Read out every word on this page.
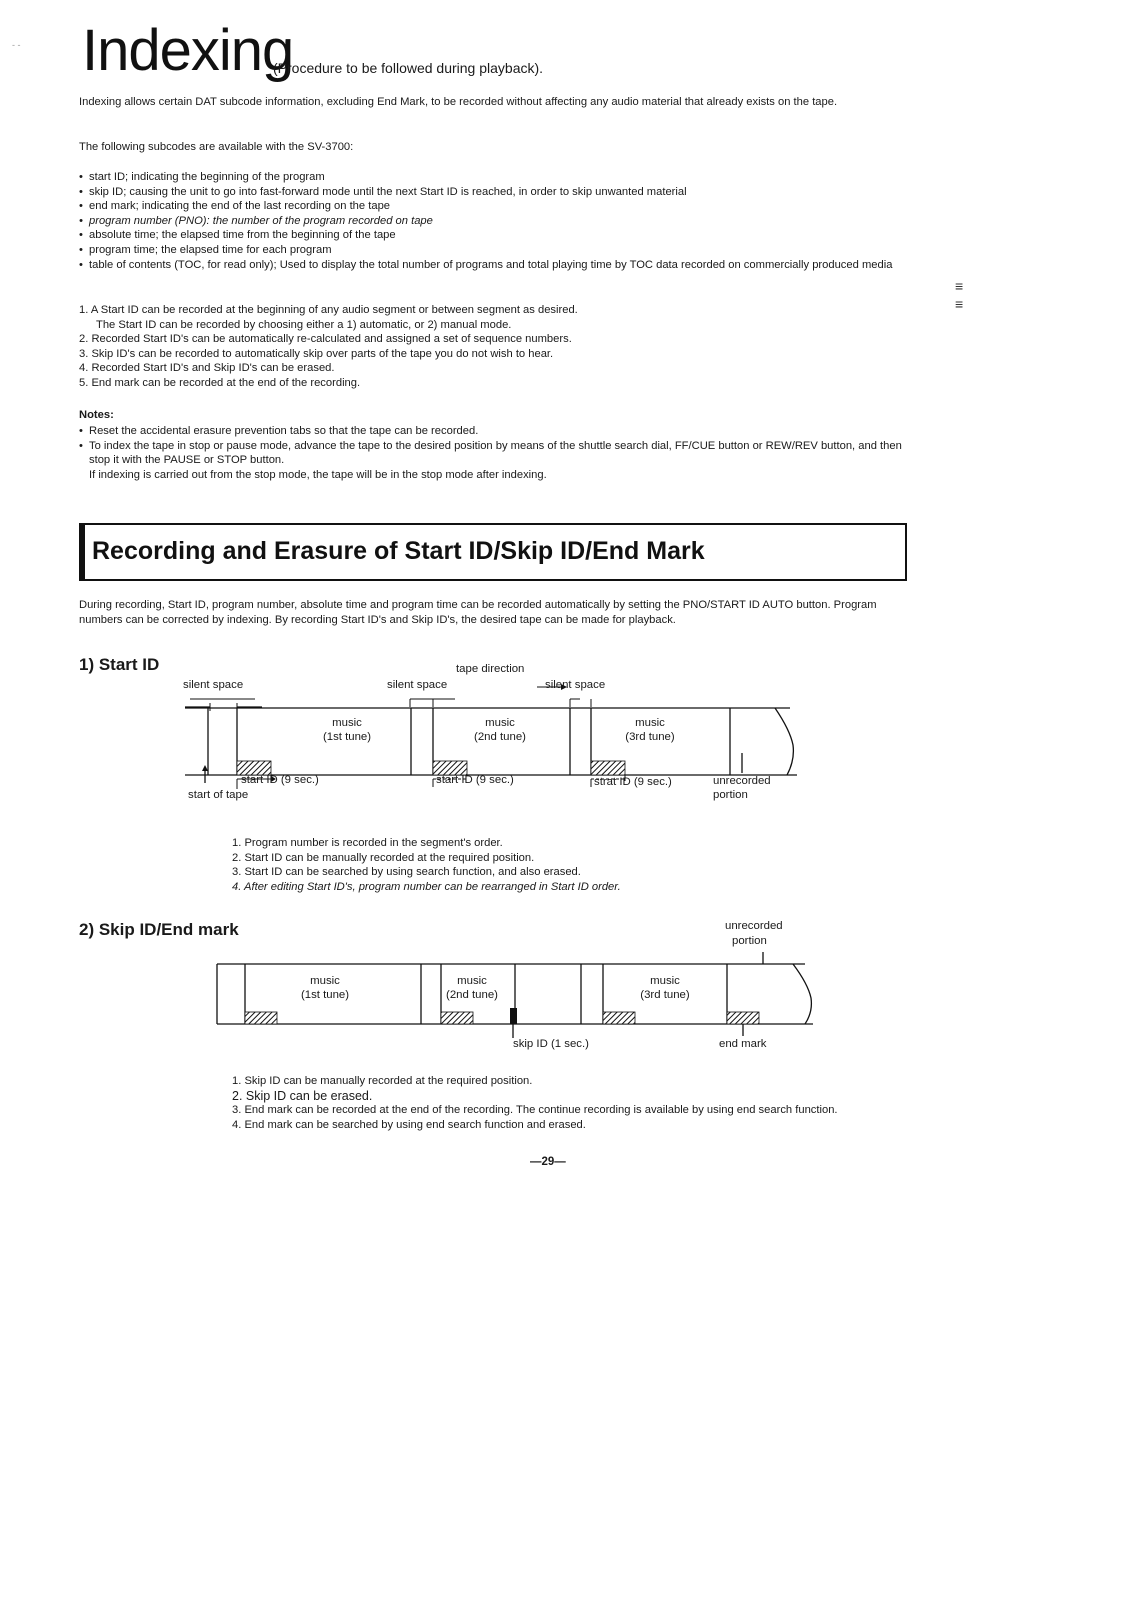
Indexing
(Procedure to be followed during playback).
Indexing allows certain DAT subcode information, excluding End Mark, to be recorded without affecting any audio material that already exists on the tape.
The following subcodes are available with the SV-3700:
• start ID; indicating the beginning of the program
• skip ID; causing the unit to go into fast-forward mode until the next Start ID is reached, in order to skip unwanted material
• end mark; indicating the end of the last recording on the tape
• program number (PNO): the number of the program recorded on tape
• absolute time; the elapsed time from the beginning of the tape
• program time; the elapsed time for each program
• table of contents (TOC, for read only); Used to display the total number of programs and total playing time by TOC data recorded on commercially produced media
1. A Start ID can be recorded at the beginning of any audio segment or between segment as desired.
The Start ID can be recorded by choosing either a 1) automatic, or 2) manual mode.
2. Recorded Start ID's can be automatically re-calculated and assigned a set of sequence numbers.
3. Skip ID's can be recorded to automatically skip over parts of the tape you do not wish to hear.
4. Recorded Start ID's and Skip ID's can be erased.
5. End mark can be recorded at the end of the recording.
Notes:
• Reset the accidental erasure prevention tabs so that the tape can be recorded.
• To index the tape in stop or pause mode, advance the tape to the desired position by means of the shuttle search dial, FF/CUE button or REW/REV button, and then stop it with the PAUSE or STOP button.
If indexing is carried out from the stop mode, the tape will be in the stop mode after indexing.
Recording and Erasure of Start ID/Skip ID/End Mark
During recording, Start ID, program number, absolute time and program time can be recorded automatically by setting the PNO/START ID AUTO button. Program numbers can be corrected by indexing. By recording Start ID's and Skip ID's, the desired tape can be made for playback.
1) Start ID	tape direction
silent space	silent space	silent space
music
(1st tune)
music
(2nd tune)
music
(3rd tune)
start ID (9 sec.)	start ID (9 sec.)	strat ID (9 sec.)	unrecorded
portion
start of tape
1. Program number is recorded in the segment's order.
2. Start ID can be manually recorded at the required position.
3. Start ID can be searched by using search function, and also erased.
4. After editing Start ID's, program number can be rearranged in Start ID order.
2) Skip ID/End mark	unrecorded
portion
music
(1st tune)
music
(2nd tune)
music
(3rd tune)
skip ID (1 sec.)	end mark
1. Skip ID can be manually recorded at the required position.
2. Skip ID can be erased.
3. End mark can be recorded at the end of the recording. The continue recording is available by using end search function.
4. End mark can be searched by using end search function and erased.
—29—
- -
≡
≡
